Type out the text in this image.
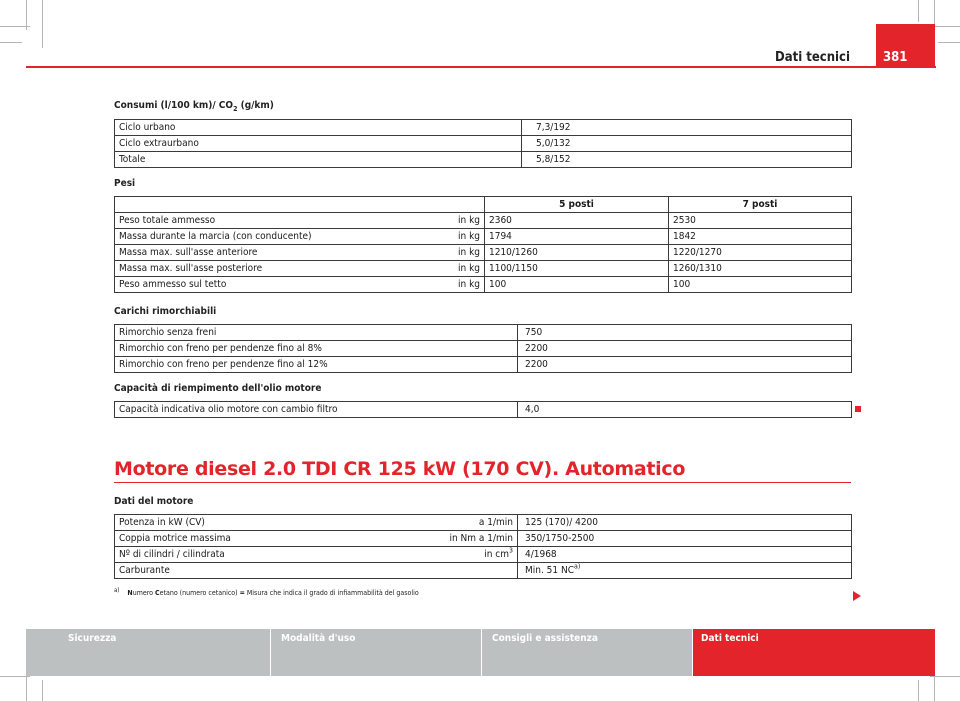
Dati tecnici	381
Consumi (l/100 km)/ $CO_2$ (g/km)
Ciclo urbano	7,3/192
Ciclo extraurbano	5,0/132
Totale	5,8/152
Pesi
		5 posti	7 posti
Peso totale ammesso	in kg	2360	2530
Massa durante la marcia (con conducente)	in kg	1794	1842
Massa max. sull'asse anteriore	in kg	1210/1260	1220/1270
Massa max. sull'asse posteriore	in kg	1100/1150	1260/1310
Peso ammesso sul tetto	in kg	100	100
Carichi rimorchiabili
Rimorchio senza freni	750
Rimorchio con freno per pendenze fino al 8%	2200
Rimorchio con freno per pendenze fino al 12%	2200
Capacità di riempimento dell'olio motore
Capacità indicativa olio motore con cambio filtro	4,0
Motore diesel 2.0 TDI CR 125 kW (170 CV). Automatico
Dati del motore
Potenza in kW (CV)	a 1/min	125 (170)/ 4200
Coppia motrice massima	in Nm a 1/min	350/1750-2500
Nº di cilindri / cilindrata	in $cm^3$	4/1968
Carburante		Min. 51 NC$^{a)}$
$^{a)}$ Numero Cetano (numero cetanico) = Misura che indica il grado di infiammabilità del gasolio
Sicurezza	Modalità d'uso	Consigli e assistenza	Dati tecnici
